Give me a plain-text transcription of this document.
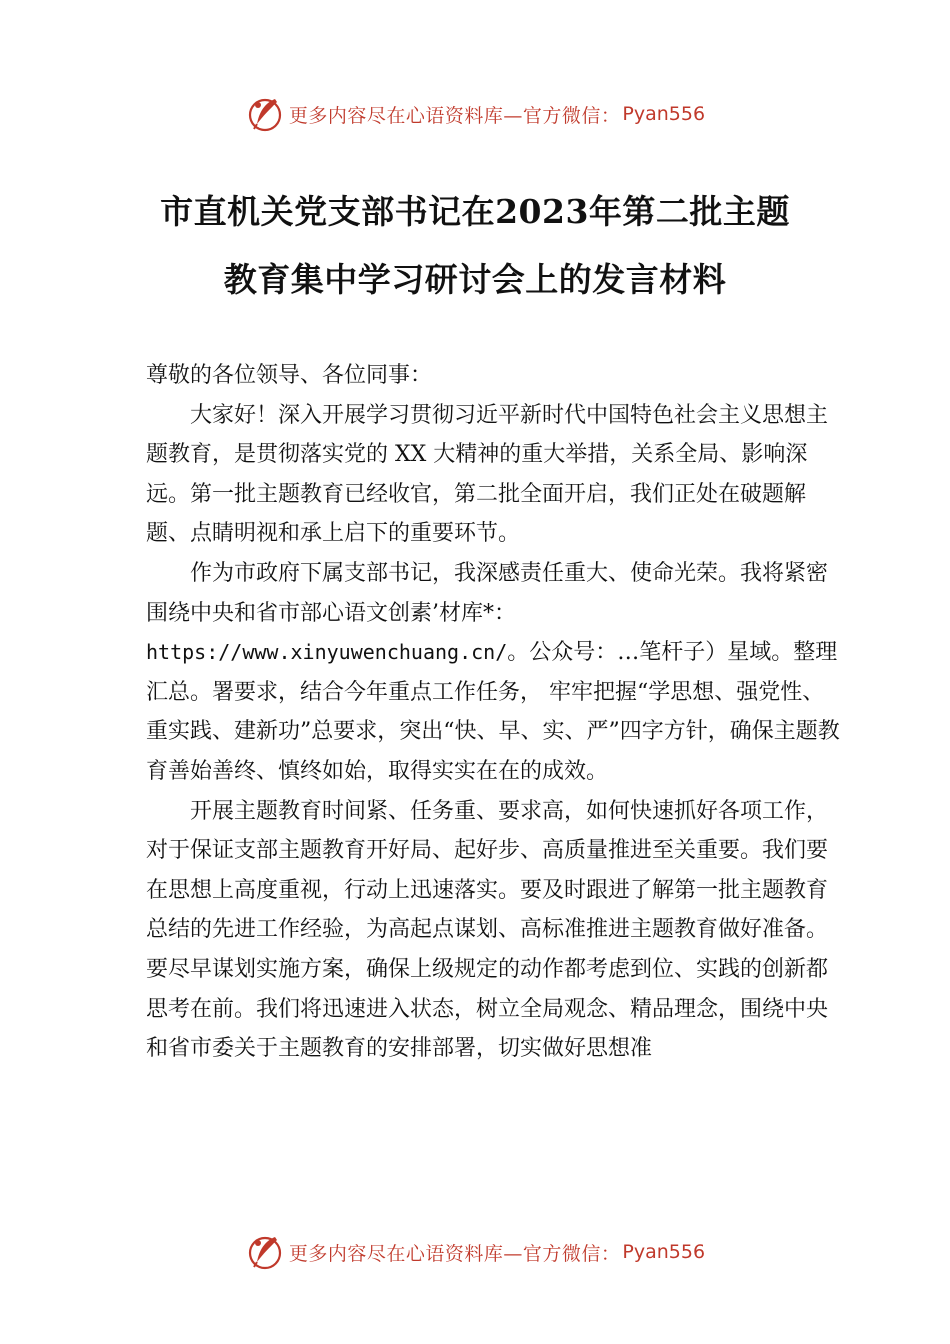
更多内容尽在心语资料库—官方微信： Pyan556
市直机关党支部书记在2023年第二批主题
教育集中学习研讨会上的发言材料

尊敬的各位领导、各位同事：

大家好！深入开展学习贯彻习近平新时代中国特色社会主义思想主题教育，是贯彻落实党的 XX 大精神的重大举措，关系全局、影响深远。第一批主题教育已经收官，第二批全面开启，我们正处在破题解题、点睛明视和承上启下的重要环节。

作为市政府下属支部书记，我深感责任重大、使命光荣。我将紧密围绕中央和省市部心语文创素’材库*：https://www.xinyuwenchuang.cn/。公众号：…笔杆子）星域。整理汇总。署要求，结合今年重点工作任务， 牢牢把握“学思想、强党性、重实践、建新功”总要求，突出“快、早、实、严”四字方针，确保主题教育善始善终、慎终如始，取得实实在在的成效。

开展主题教育时间紧、任务重、要求高，如何快速抓好各项工作，对于保证支部主题教育开好局、起好步、高质量推进至关重要。我们要在思想上高度重视，行动上迅速落实。要及时跟进了解第一批主题教育总结的先进工作经验，为高起点谋划、高标准推进主题教育做好准备。要尽早谋划实施方案，确保上级规定的动作都考虑到位、实践的创新都思考在前。我们将迅速进入状态，树立全局观念、精品理念，围绕中央和省市委关于主题教育的安排部署，切实做好思想准

更多内容尽在心语资料库—官方微信： Pyan556
